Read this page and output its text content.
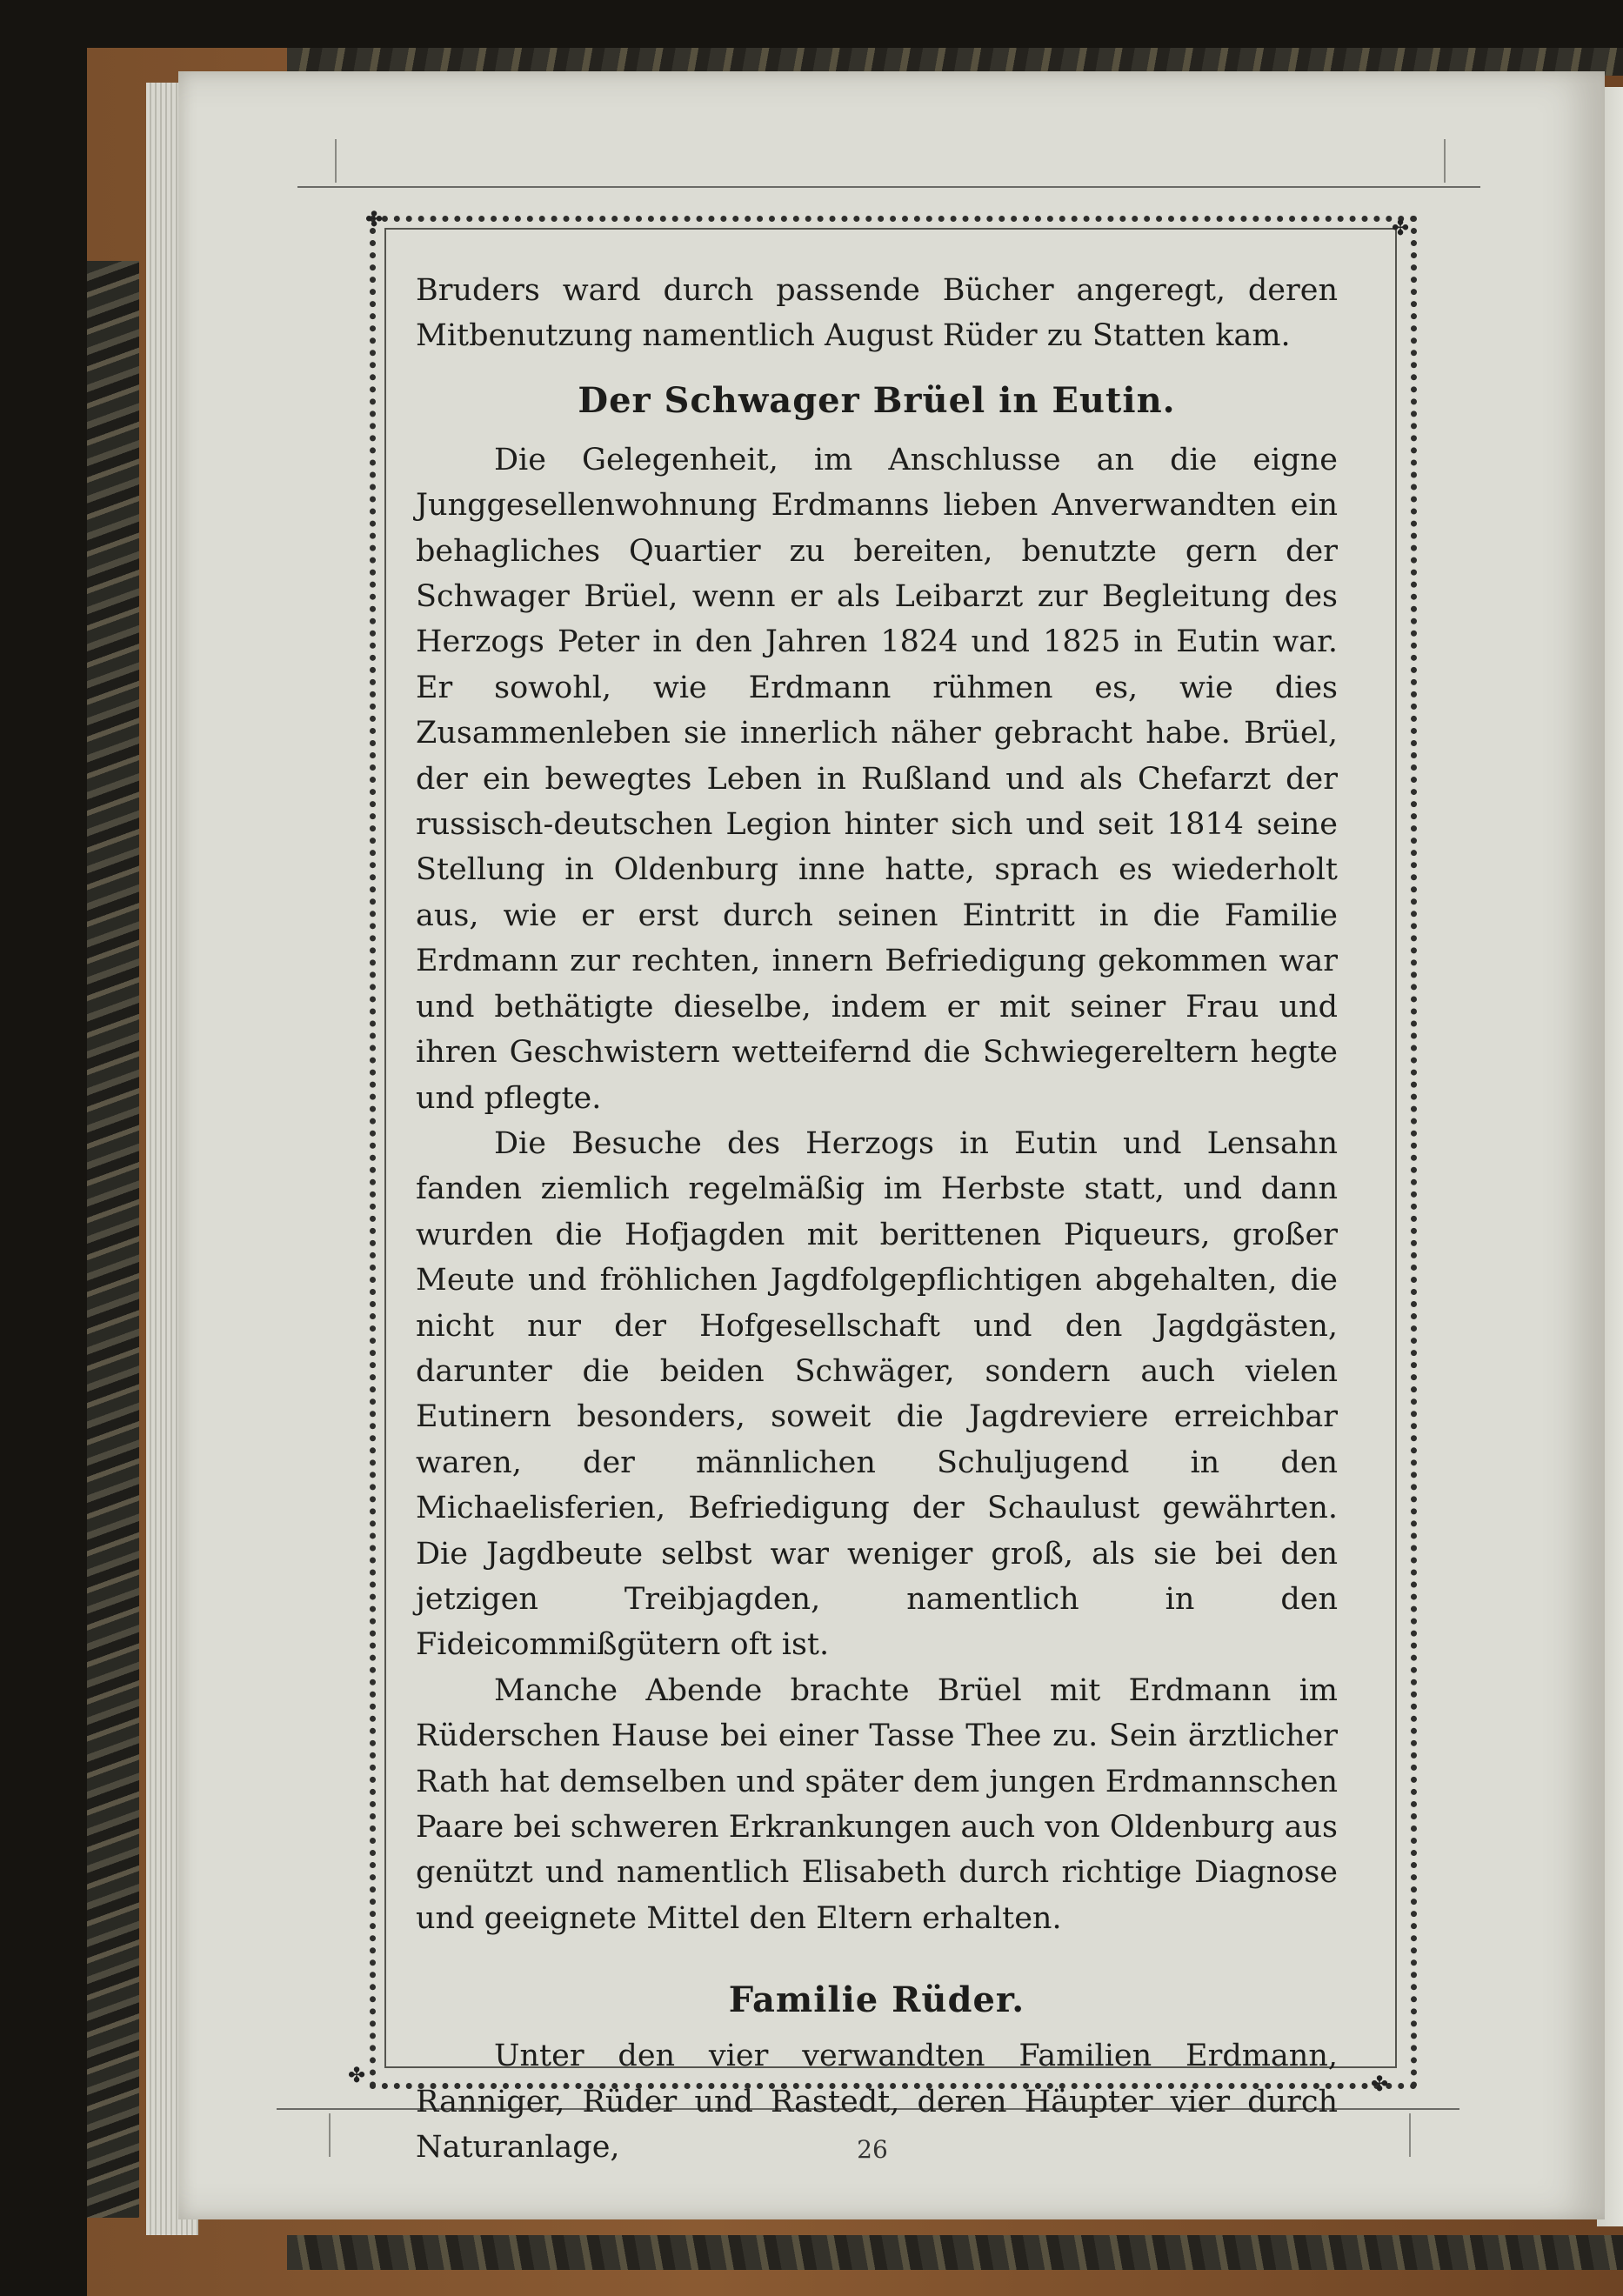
✤	✤
✤	✤

Bruders ward durch passende Bücher angeregt, deren Mitbenutzung namentlich August Rüder zu Statten kam.

Der Schwager Brüel in Eutin.

Die Gelegenheit, im Anschlusse an die eigne Junggesellenwohnung Erdmanns lieben Anverwandten ein behagliches Quartier zu bereiten, benutzte gern der Schwager Brüel, wenn er als Leibarzt zur Begleitung des Herzogs Peter in den Jahren 1824 und 1825 in Eutin war. Er sowohl, wie Erdmann rühmen es, wie dies Zusammenleben sie innerlich näher gebracht habe. Brüel, der ein bewegtes Leben in Rußland und als Chefarzt der russisch-deutschen Legion hinter sich und seit 1814 seine Stellung in Oldenburg inne hatte, sprach es wiederholt aus, wie er erst durch seinen Eintritt in die Familie Erdmann zur rechten, innern Befriedigung gekommen war und bethätigte dieselbe, indem er mit seiner Frau und ihren Geschwistern wetteifernd die Schwiegereltern hegte und pflegte.

Die Besuche des Herzogs in Eutin und Lensahn fanden ziemlich regelmäßig im Herbste statt, und dann wurden die Hofjagden mit berittenen Piqueurs, großer Meute und fröhlichen Jagdfolgepflichtigen abgehalten, die nicht nur der Hofgesellschaft und den Jagdgästen, darunter die beiden Schwäger, sondern auch vielen Eutinern besonders, soweit die Jagdreviere erreichbar waren, der männlichen Schuljugend in den Michaelisferien, Befriedigung der Schaulust gewährten. Die Jagdbeute selbst war weniger groß, als sie bei den jetzigen Treibjagden, namentlich in den Fideicommißgütern oft ist.

Manche Abende brachte Brüel mit Erdmann im Rüderschen Hause bei einer Tasse Thee zu. Sein ärztlicher Rath hat demselben und später dem jungen Erdmannschen Paare bei schweren Erkrankungen auch von Oldenburg aus genützt und namentlich Elisabeth durch richtige Diagnose und geeignete Mittel den Eltern erhalten.

Familie Rüder.

Unter den vier verwandten Familien Erdmann, Ranniger, Rüder und Rastedt, deren Häupter vier durch Naturanlage,	26
